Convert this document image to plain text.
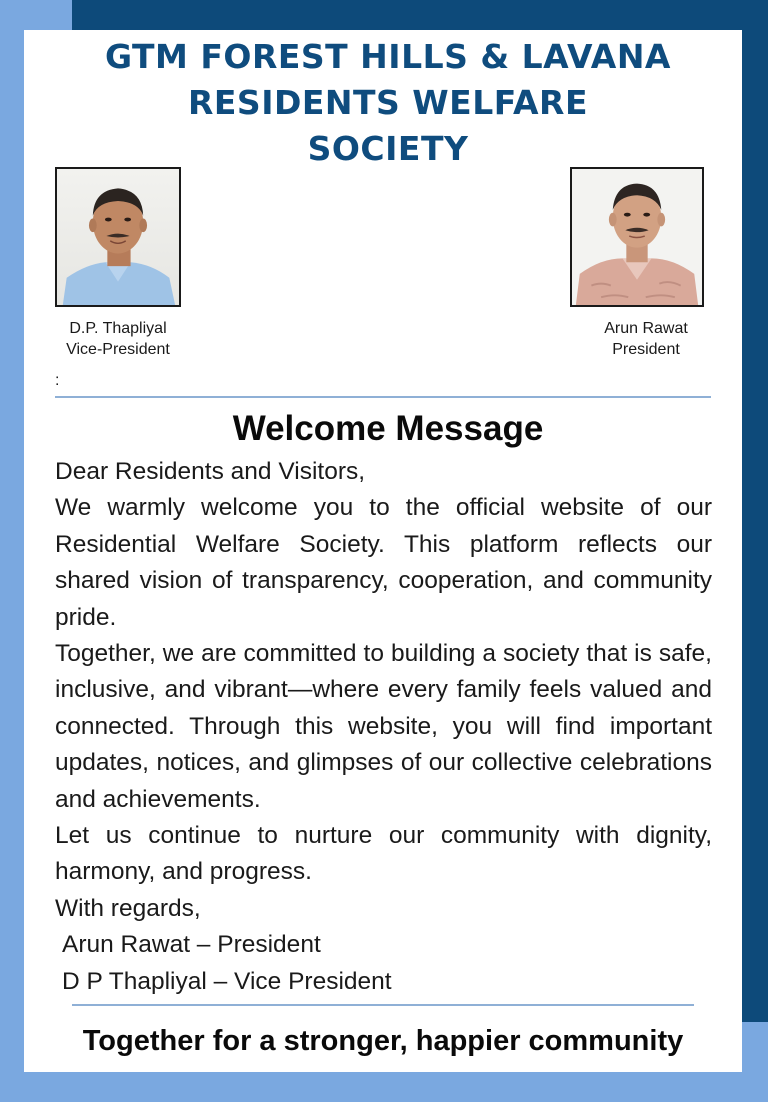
GTM FOREST HILLS & LAVANA
RESIDENTS WELFARE
SOCIETY
D.P. Thapliyal
Vice-President
Arun Rawat
President
:
Welcome Message

Dear Residents and Visitors,

We warmly welcome you to the official website of our Residential Welfare Society. This platform reflects our shared vision of transparency, cooperation, and community pride.

Together, we are committed to building a society that is safe, inclusive, and vibrant—where every family feels valued and connected. Through this website, you will find important updates, notices, and glimpses of our collective celebrations and achievements.

Let us continue to nurture our community with dignity, harmony, and progress.

With regards,

Arun Rawat – President

D P Thapliyal – Vice President

Together for a stronger, happier community
